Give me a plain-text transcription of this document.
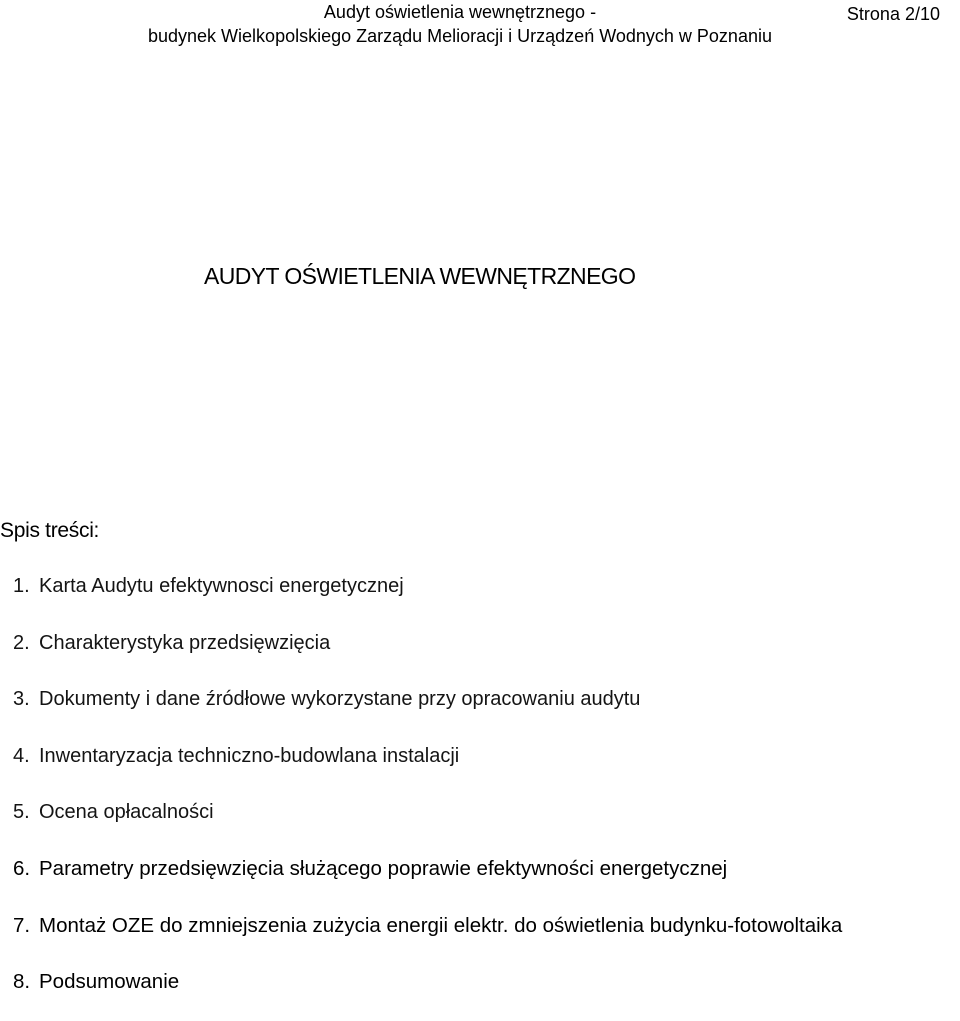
Audyt oświetlenia wewnętrznego -
budynek Wielkopolskiego Zarządu Melioracji i Urządzeń Wodnych w Poznaniu
Strona 2/10
AUDYT OŚWIETLENIA WEWNĘTRZNEGO
Spis treści:
1. Karta Audytu efektywnosci energetycznej
2. Charakterystyka przedsięwzięcia
3. Dokumenty i dane źródłowe wykorzystane przy opracowaniu audytu
4. Inwentaryzacja techniczno-budowlana instalacji
5. Ocena opłacalności
6. Parametry przedsięwzięcia służącego poprawie efektywności energetycznej
7. Montaż OZE do zmniejszenia zużycia energii elektr. do oświetlenia budynku-fotowoltaika
8. Podsumowanie
